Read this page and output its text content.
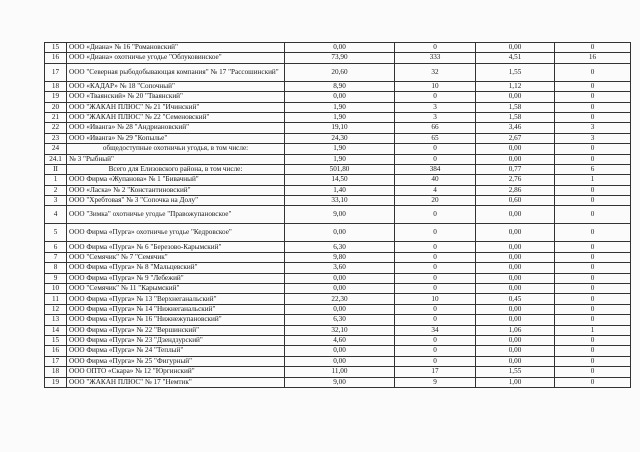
15	ООО «Диана» № 16 "Романовский"	0,00	0	0,00	0
16	ООО «Диана» охотничье угодье "Облуковинское"	73,90	333	4,51	16
17	ООО "Северная рыбодобывающая компания" № 17 "Рассошинский"	20,60	32	1,55	0
18	ООО «КАДАР» № 18 "Сопочный"	8,90	10	1,12	0
19	ООО «Тваянский» № 20 "Тваянский"	0,00	0	0,00	0
20	ООО "ЖАКАН ПЛЮС" № 21 "Ичинский"	1,90	3	1,58	0
21	ООО "ЖАКАН ПЛЮС" № 22 "Семеновский"	1,90	3	1,58	0
22	ООО «Иванга» № 28 "Андриановский"	19,10	66	3,46	3
23	ООО «Иванга» № 29 "Копылье"	24,30	65	2,67	3
24	общедоступные охотничьи угодья, в том числе:	1,90	0	0,00	0
24.1	№ 3 "Рыбный"	1,90	0	0,00	0
II	Всего для Елизовского района, в том числе:	501,80	384	0,77	6
1	ООО Фирма «Жупанова» № 1 "Бивачный"	14,50	40	2,76	1
2	ООО «Ласка» № 2 "Константиновский"	1,40	4	2,86	0
3	ООО "Хребтовая" № 3 "Сопочка на Долу"	33,10	20	0,60	0
4	ООО "Зимка" охотничье угодье "Правожупановское"	9,00	0	0,00	0
5	ООО Фирма «Пурга» охотничье угодье "Кедровское"	0,00	0	0,00	0
6	ООО Фирма «Пурга» № 6 "Березово-Карымский"	6,30	0	0,00	0
7	ООО "Семячик" № 7 "Семячик"	9,80	0	0,00	0
8	ООО Фирма «Пурга» № 8 "Мальцевский"	3,60	0	0,00	0
9	ООО Фирма «Пурга» № 9 "Лебежий"	0,00	0	0,00	0
10	ООО "Семячик" № 11 "Карымский"	0,00	0	0,00	0
11	ООО Фирма «Пурга» № 13 "Верхнеганальский"	22,30	10	0,45	0
12	ООО Фирма «Пурга» № 14 "Нижнеганальский"	0,00	0	0,00	0
13	ООО Фирма «Пурга» № 16 "Нижнежупановский"	6,30	0	0,00	0
14	ООО Фирма «Пурга» № 22 "Вершинский"	32,10	34	1,06	1
15	ООО Фирма «Пурга» № 23 "Дзендзурский"	4,60	0	0,00	0
16	ООО Фирма «Пурга» № 24 "Теплый"	0,00	0	0,00	0
17	ООО Фирма «Пурга» № 25 "Фигурный"	0,00	0	0,00	0
18	ООО ОПТО «Скара» № 12 "Юргинский"	11,00	17	1,55	0
19	ООО "ЖАКАН ПЛЮС" № 17 "Немтик"	9,00	9	1,00	0
